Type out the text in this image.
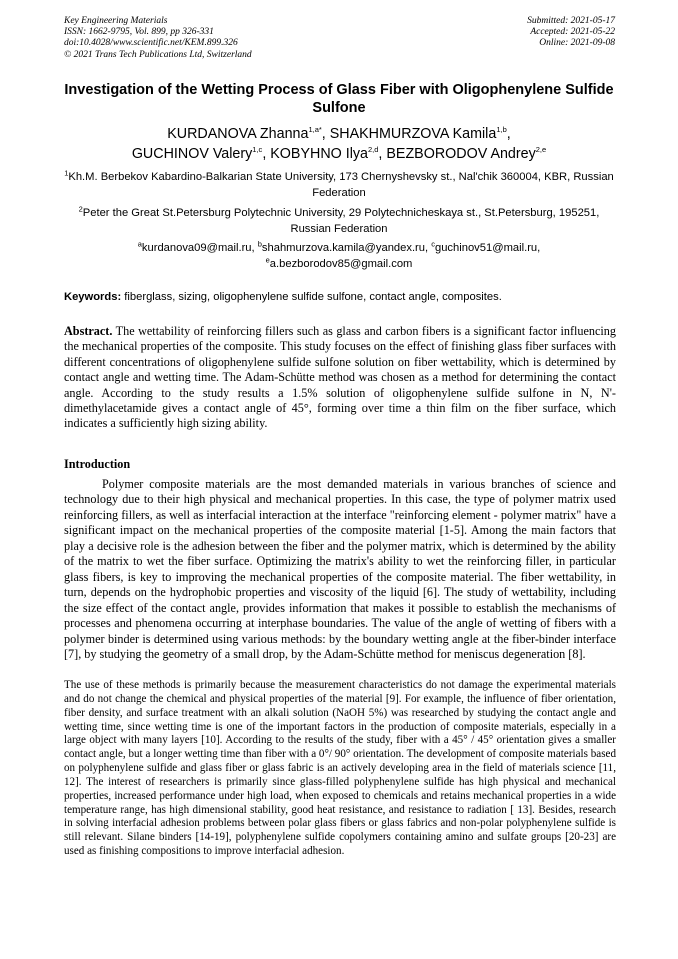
Key Engineering Materials
ISSN: 1662-9795, Vol. 899, pp 326-331
doi:10.4028/www.scientific.net/KEM.899.326
© 2021 Trans Tech Publications Ltd, Switzerland
Submitted: 2021-05-17
Accepted: 2021-05-22
Online: 2021-09-08
Investigation of the Wetting Process of Glass Fiber with Oligophenylene Sulfide Sulfone
KURDANOVA Zhanna$^{1,a*}$, SHAKHMURZOVA Kamila$^{1,b}$,
GUCHINOV Valery$^{1,c}$, KOBYHNO Ilya$^{2,d}$, BEZBORODOV Andrey$^{2,e}$
$^1$Kh.M. Berbekov Kabardino-Balkarian State University, 173 Chernyshevsky st., Nal'chik 360004, KBR, Russian Federation
$^2$Peter the Great St.Petersburg Polytechnic University, 29 Polytechnicheskaya st., St.Petersburg, 195251, Russian Federation
$^a$kurdanova09@mail.ru, $^b$shahmurzova.kamila@yandex.ru, $^c$guchinov51@mail.ru,
$^e$a.bezborodov85@gmail.com
Keywords: fiberglass, sizing, oligophenylene sulfide sulfone, contact angle, composites.
Abstract. The wettability of reinforcing fillers such as glass and carbon fibers is a significant factor influencing the mechanical properties of the composite. This study focuses on the effect of finishing glass fiber surfaces with different concentrations of oligophenylene sulfide sulfone solution on fiber wettability, which is determined by contact angle and wetting time. The Adam-Schütte method was chosen as a method for determining the contact angle. According to the study results a 1.5% solution of oligophenylene sulfide sulfone in N, N'-dimethylacetamide gives a contact angle of 45°, forming over time a thin film on the fiber surface, which indicates a sufficiently high sizing ability.
Introduction

Polymer composite materials are the most demanded materials in various branches of science and technology due to their high physical and mechanical properties. In this case, the type of polymer matrix used reinforcing fillers, as well as interfacial interaction at the interface "reinforcing element - polymer matrix" have a significant impact on the mechanical properties of the composite material [1-5]. Among the main factors that play a decisive role is the adhesion between the fiber and the polymer matrix, which is determined by the ability of the matrix to wet the fiber surface. Optimizing the matrix's ability to wet the reinforcing filler, in particular glass fibers, is key to improving the mechanical properties of the composite material. The fiber wettability, in turn, depends on the hydrophobic properties and viscosity of the liquid [6]. The study of wettability, including the size effect of the contact angle, provides information that makes it possible to establish the mechanisms of processes and phenomena occurring at interphase boundaries. The value of the angle of wetting of fibers with a polymer binder is determined using various methods: by the boundary wetting angle at the fiber-binder interface [7], by studying the geometry of a small drop, by the Adam-Schütte method for meniscus degeneration [8].

The use of these methods is primarily because the measurement characteristics do not damage the experimental materials and do not change the chemical and physical properties of the material [9]. For example, the influence of fiber orientation, fiber density, and surface treatment with an alkali solution (NaOH 5%) was researched by studying the contact angle and wetting time, since wetting time is one of the important factors in the production of composite materials, especially in a large object with many layers [10]. According to the results of the study, fiber with a 45° / 45° orientation gives a smaller contact angle, but a longer wetting time than fiber with a 0°/ 90° orientation. The development of composite materials based on polyphenylene sulfide and glass fiber or glass fabric is an actively developing area in the field of materials science [11, 12]. The interest of researchers is primarily since glass-filled polyphenylene sulfide has high physical and mechanical properties, increased performance under high load, when exposed to chemicals and retains mechanical properties in a wide temperature range, has high dimensional stability, good heat resistance, and resistance to radiation [ 13]. Besides, research in solving interfacial adhesion problems between polar glass fibers or glass fabrics and non-polar polyphenylene sulfide is still relevant. Silane binders [14-19], polyphenylene sulfide copolymers containing amino and sulfate groups [20-23] are used as finishing compositions to improve interfacial adhesion.
